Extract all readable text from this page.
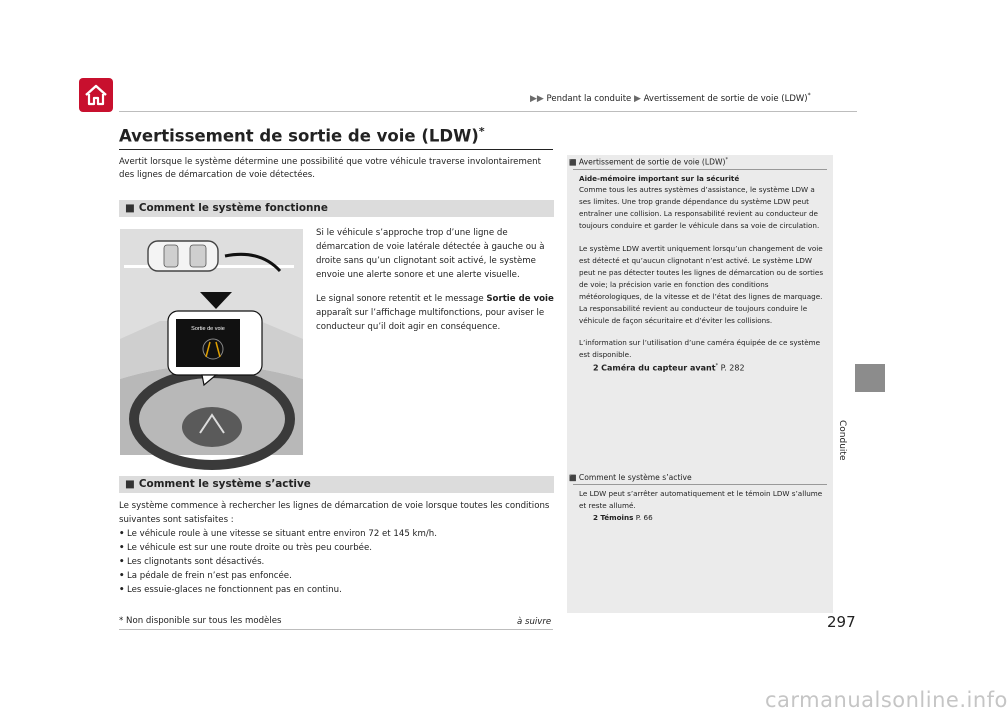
▶▶ Pendant la conduite ▶ Avertissement de sortie de voie (LDW)*
Avertissement de sortie de voie (LDW)*
Avertit lorsque le système détermine une possibilité que votre véhicule traverse involontairement des lignes de démarcation de voie détectées.
■ Comment le système fonctionne
Sortie de voie
Si le véhicule s’approche trop d’une ligne de démarcation de voie latérale détectée à gauche ou à droite sans qu’un clignotant soit activé, le système envoie une alerte sonore et une alerte visuelle.
Le signal sonore retentit et le message Sortie de voie apparaît sur l’affichage multifonctions, pour aviser le conducteur qu’il doit agir en conséquence.
■ Comment le système s’active
Le système commence à rechercher les lignes de démarcation de voie lorsque toutes les conditions suivantes sont satisfaites :
• Le véhicule roule à une vitesse se situant entre environ 72 et 145 km/h.
• Le véhicule est sur une route droite ou très peu courbée.
• Les clignotants sont désactivés.
• La pédale de frein n’est pas enfoncée.
• Les essuie-glaces ne fonctionnent pas en continu.
⬛ Avertissement de sortie de voie (LDW)*
Aide-mémoire important sur la sécurité
Comme tous les autres systèmes d’assistance, le système LDW a ses limites. Une trop grande dépendance du système LDW peut entraîner une collision. La responsabilité revient au conducteur de toujours conduire et garder le véhicule dans sa voie de circulation.
Le système LDW avertit uniquement lorsqu’un changement de voie est détecté et qu’aucun clignotant n’est activé. Le système LDW peut ne pas détecter toutes les lignes de démarcation ou de sorties de voie; la précision varie en fonction des conditions météorologiques, de la vitesse et de l’état des lignes de marquage. La responsabilité revient au conducteur de toujours conduire le véhicule de façon sécuritaire et d’éviter les collisions.
L’information sur l’utilisation d’une caméra équipée de ce système est disponible.
2 Caméra du capteur avant* P. 282
⬛ Comment le système s’active
Le LDW peut s’arrêter automatiquement et le témoin LDW s’allume et reste allumé.
2 Témoins P. 66
Conduite
297
* Non disponible sur tous les modèles	à suivre
carmanualsonline.info
